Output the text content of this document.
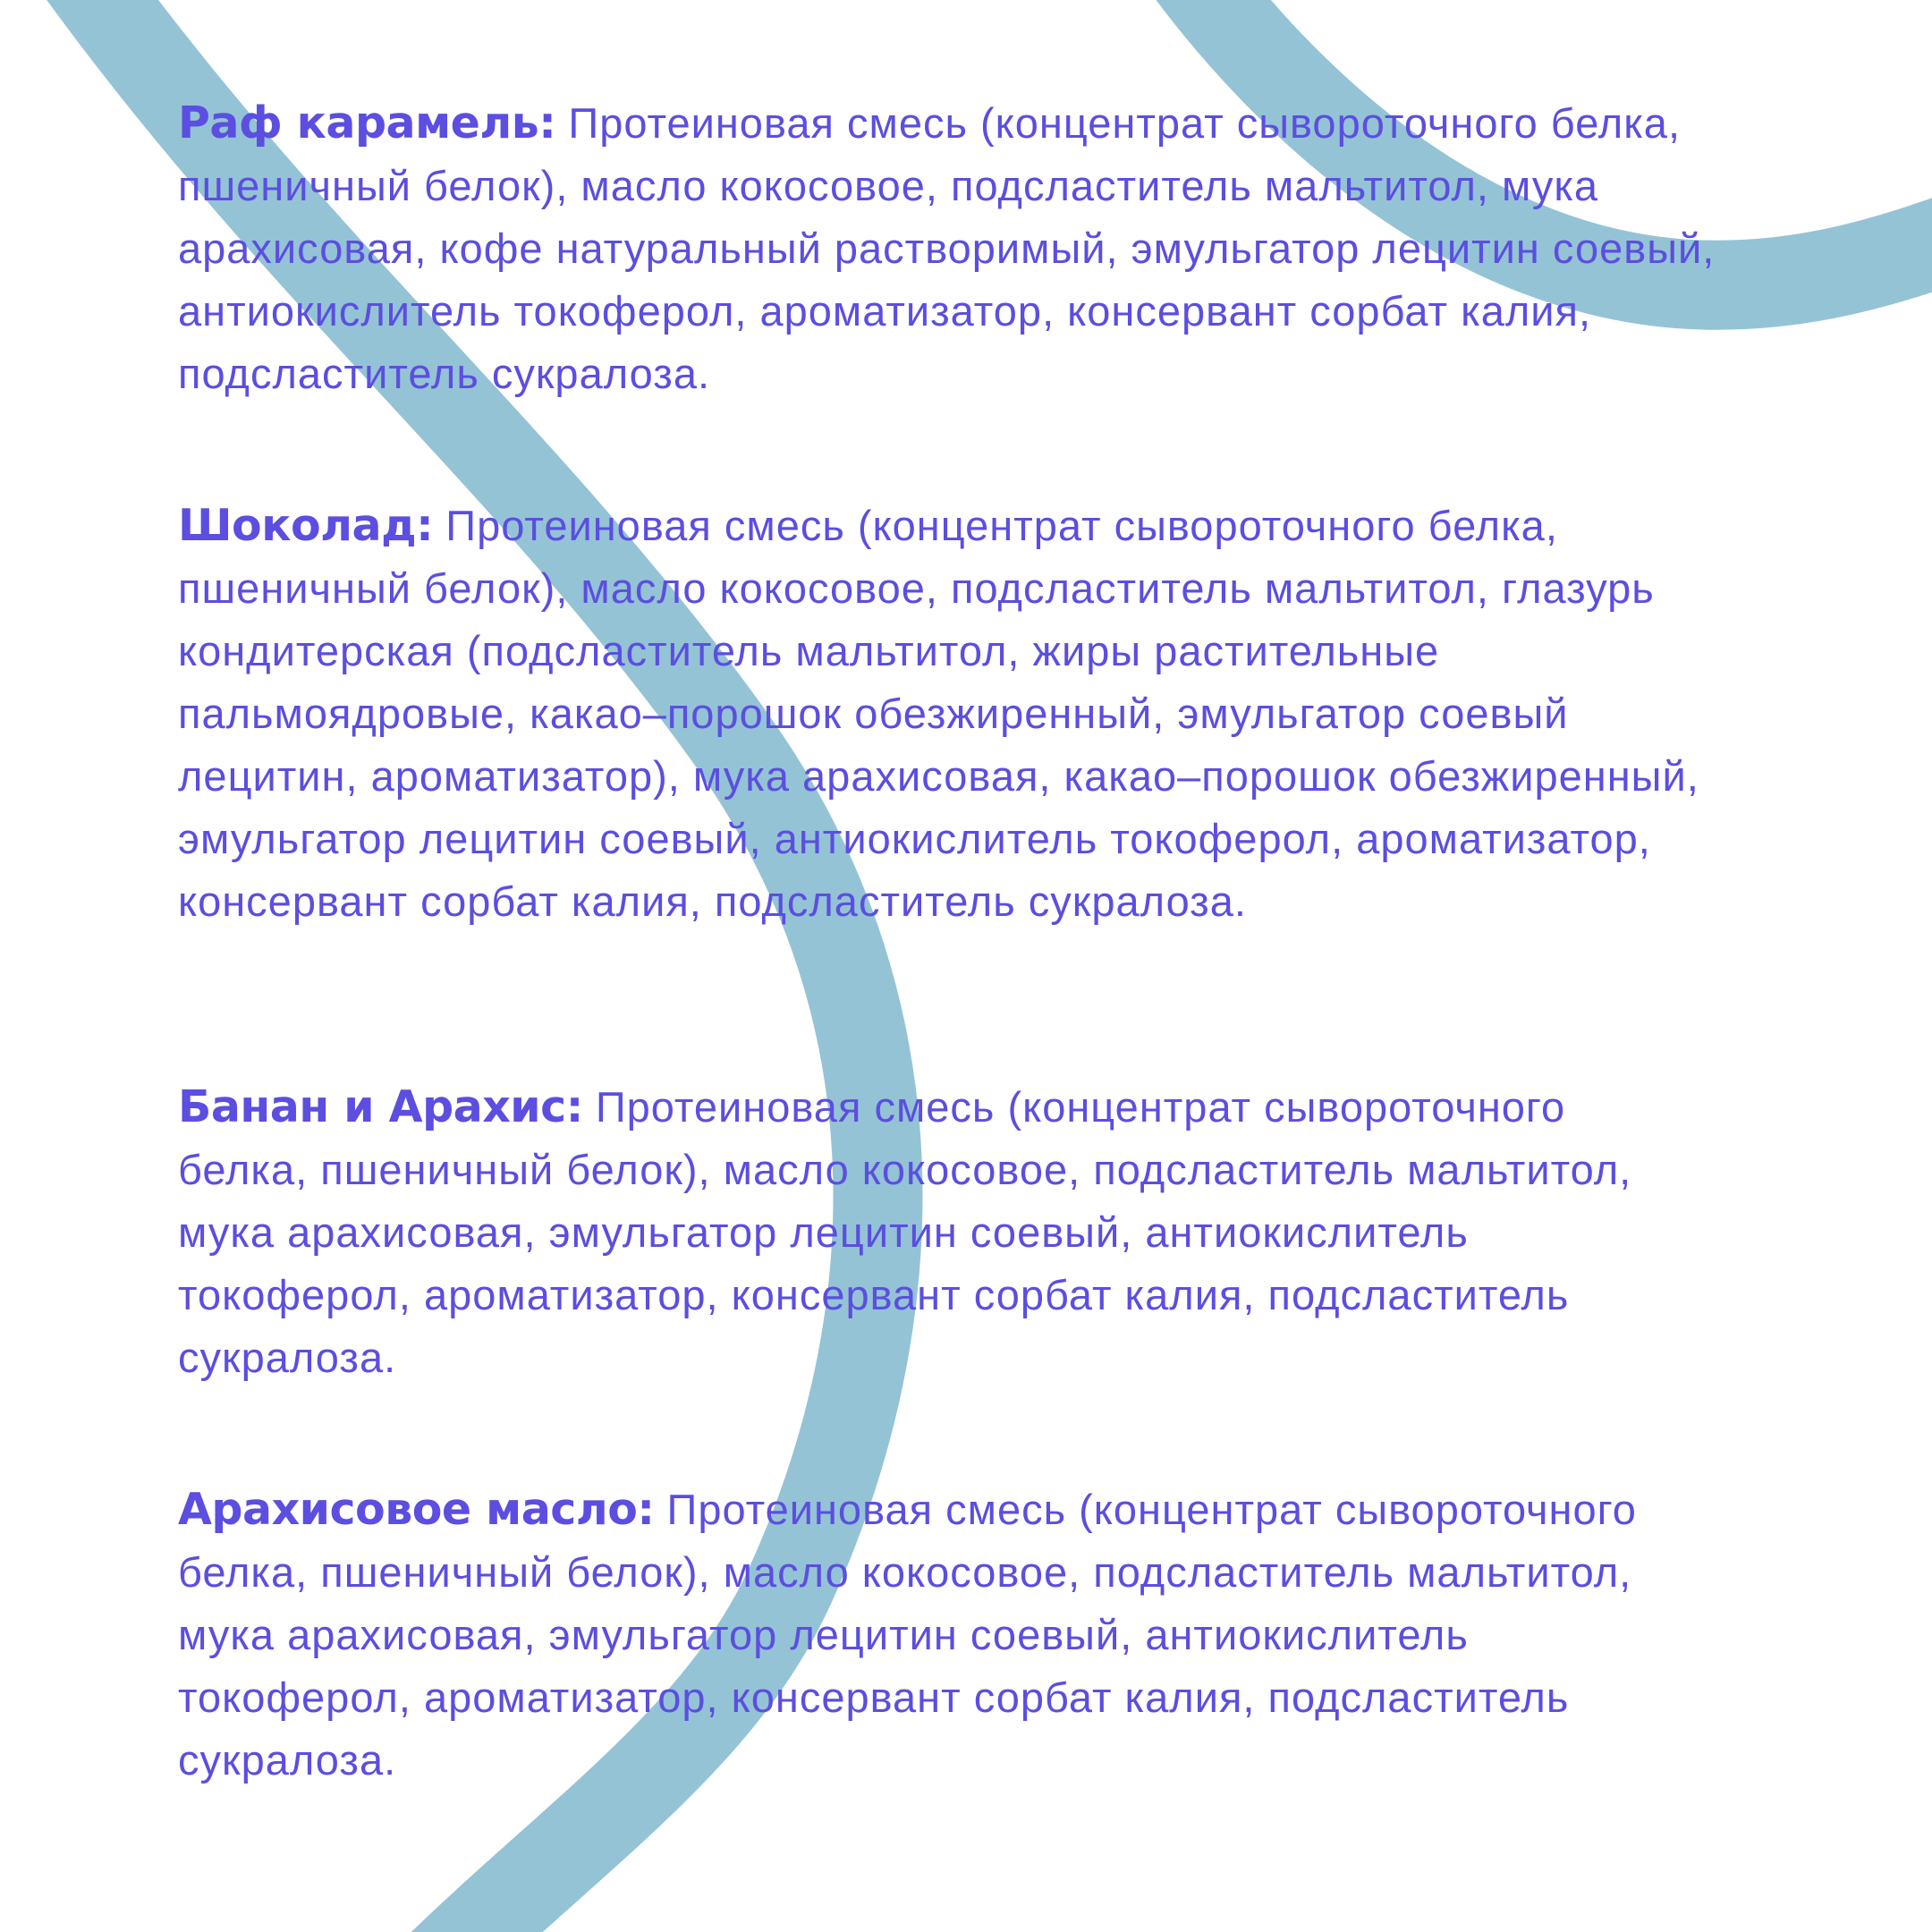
Раф карамель: Протеиновая смесь (концентрат сывороточного белка, пшеничный белок), масло кокосовое, подсластитель мальтитол, мука арахисовая, кофе натуральный растворимый, эмульгатор лецитин соевый, антиокислитель токоферол, ароматизатор, консервант сорбат калия, подсластитель сукралоза.

Шоколад: Протеиновая смесь (концентрат сывороточного белка, пшеничный белок), масло кокосовое, подсластитель мальтитол, глазурь кондитерская (подсластитель мальтитол, жиры растительные пальмоядровые, какао–порошок обезжиренный, эмульгатор соевый лецитин, ароматизатор), мука арахисовая, какао–порошок обезжиренный, эмульгатор лецитин соевый, антиокислитель токоферол, ароматизатор, консервант сорбат калия, подсластитель сукралоза.

Банан и Арахис: Протеиновая смесь (концентрат сывороточного белка, пшеничный белок), масло кокосовое, подсластитель мальтитол, мука арахисовая, эмульгатор лецитин соевый, антиокислитель токоферол, ароматизатор, консервант сорбат калия, подсластитель сукралоза.

Арахисовое масло: Протеиновая смесь (концентрат сывороточного белка, пшеничный белок), масло кокосовое, подсластитель мальтитол, мука арахисовая, эмульгатор лецитин соевый, антиокислитель токоферол, ароматизатор, консервант сорбат калия, подсластитель сукралоза.
